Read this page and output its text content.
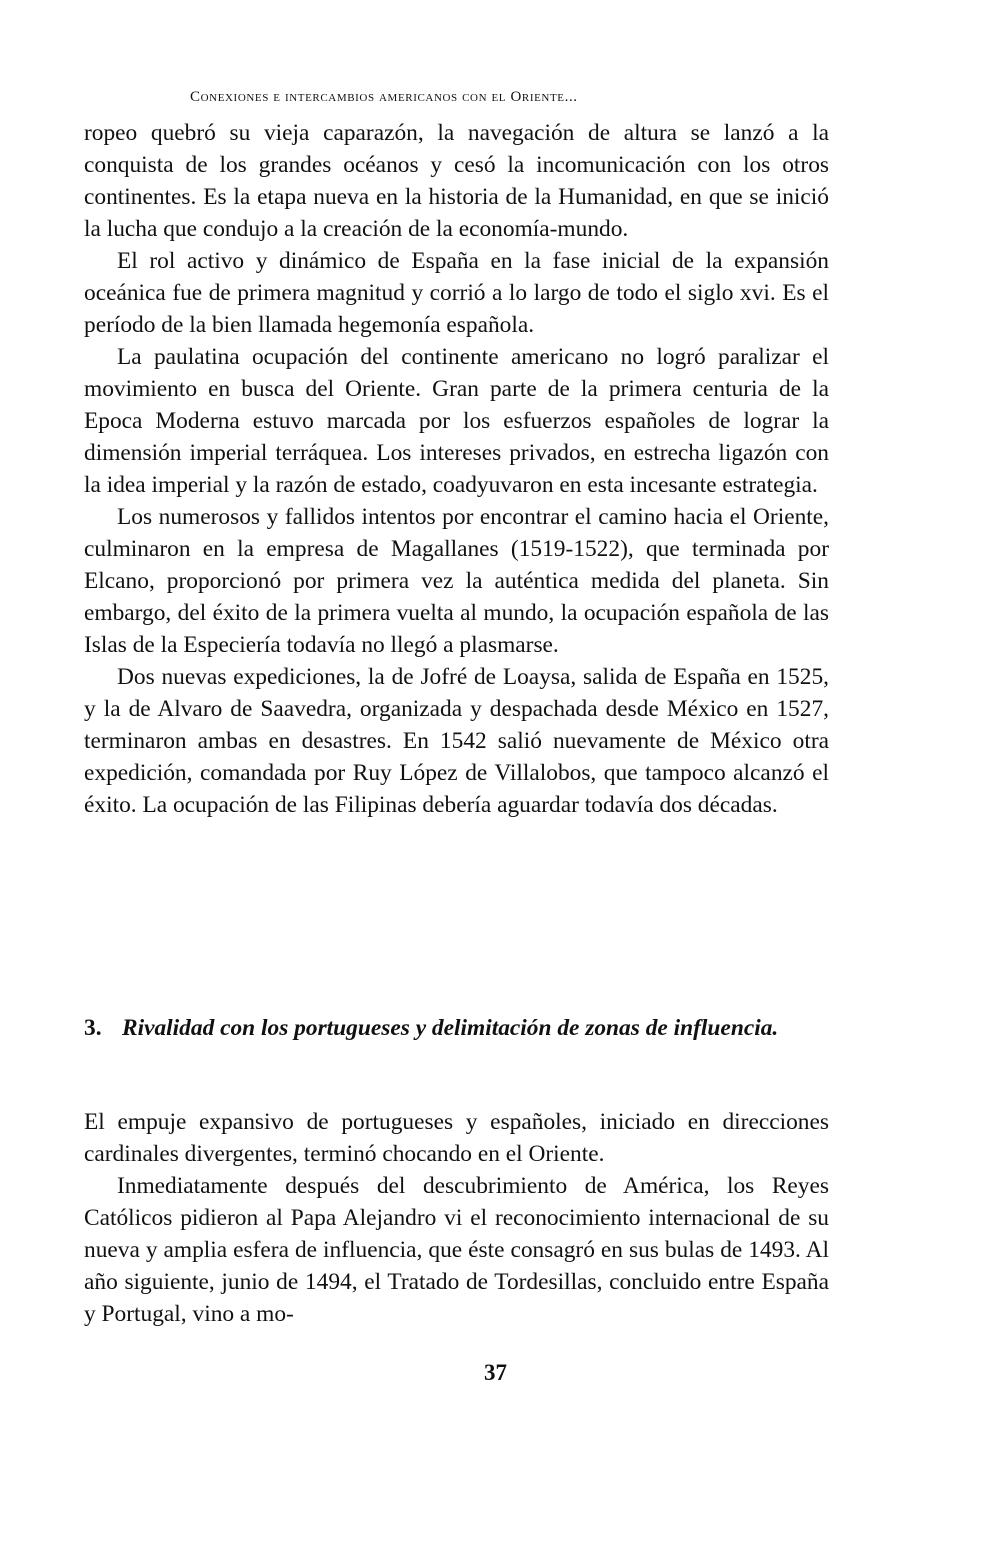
Conexiones e intercambios americanos con el Oriente...

ropeo quebró su vieja caparazón, la navegación de altura se lanzó a la conquista de los grandes océanos y cesó la incomunicación con los otros continentes. Es la etapa nueva en la historia de la Humanidad, en que se inició la lucha que condujo a la creación de la economía-mundo.

El rol activo y dinámico de España en la fase inicial de la expansión oceánica fue de primera magnitud y corrió a lo largo de todo el siglo xvi. Es el período de la bien llamada hegemonía española.

La paulatina ocupación del continente americano no logró paralizar el movimiento en busca del Oriente. Gran parte de la primera centuria de la Epoca Moderna estuvo marcada por los esfuerzos españoles de lograr la dimensión imperial terráquea. Los intereses privados, en estrecha ligazón con la idea imperial y la razón de estado, coadyuvaron en esta incesante estrategia.

Los numerosos y fallidos intentos por encontrar el camino hacia el Oriente, culminaron en la empresa de Magallanes (1519-1522), que terminada por Elcano, proporcionó por primera vez la auténtica medida del planeta. Sin embargo, del éxito de la primera vuelta al mundo, la ocupación española de las Islas de la Especiería todavía no llegó a plasmarse.

Dos nuevas expediciones, la de Jofré de Loaysa, salida de España en 1525, y la de Alvaro de Saavedra, organizada y despachada desde México en 1527, terminaron ambas en desastres. En 1542 salió nuevamente de México otra expedición, comandada por Ruy López de Villalobos, que tampoco alcanzó el éxito. La ocupación de las Filipinas debería aguardar todavía dos décadas.

3. Rivalidad con los portugueses y delimitación de zonas de influencia.

El empuje expansivo de portugueses y españoles, iniciado en direcciones cardinales divergentes, terminó chocando en el Oriente.

Inmediatamente después del descubrimiento de América, los Reyes Católicos pidieron al Papa Alejandro vi el reconocimiento internacional de su nueva y amplia esfera de influencia, que éste consagró en sus bulas de 1493. Al año siguiente, junio de 1494, el Tratado de Tordesillas, concluido entre España y Portugal, vino a mo-

37
